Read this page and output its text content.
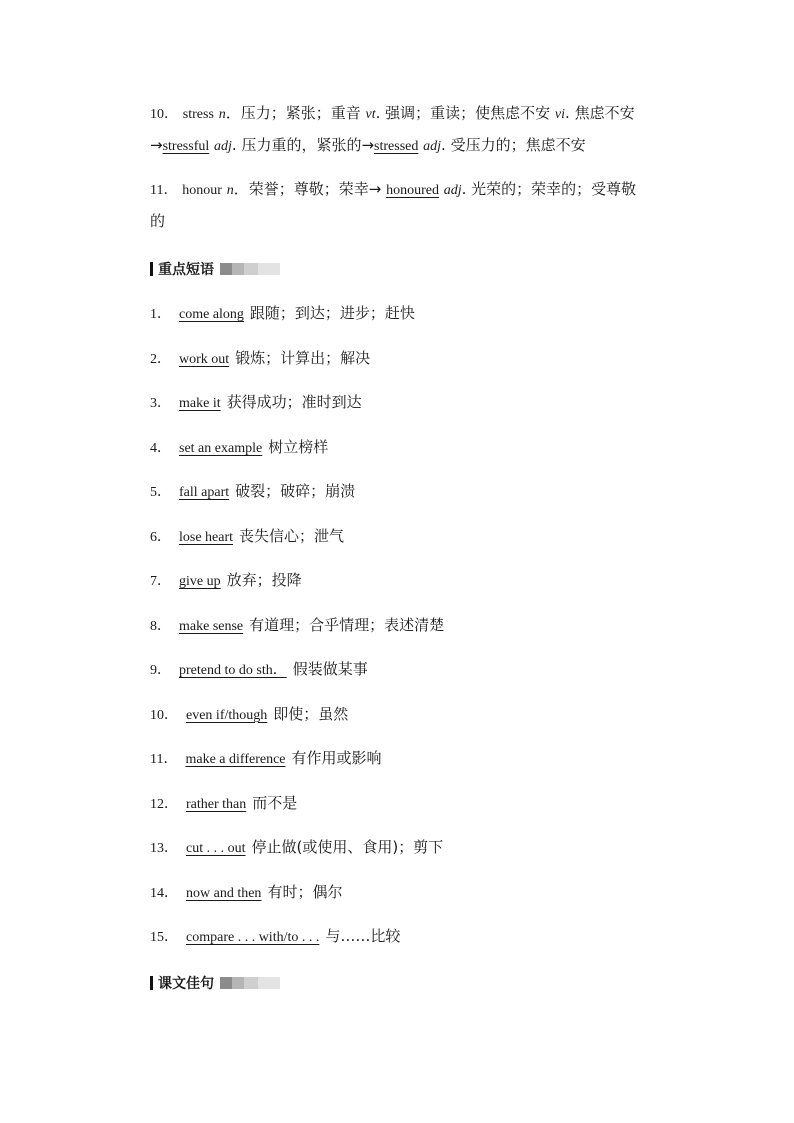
10． stress n．压力；紧张；重音 vt. 强调；重读；使焦虑不安 vi. 焦虑不安→stressful adj. 压力重的，紧张的→stressed adj. 受压力的；焦虑不安

11． honour n．荣誉；尊敬；荣幸→ honoured adj. 光荣的；荣幸的；受尊敬的

重点短语
1． come along 跟随；到达；进步；赶快
2． work out 锻炼；计算出；解决
3． make it 获得成功；准时到达
4． set an example 树立榜样
5． fall apart 破裂；破碎；崩溃
6． lose heart 丧失信心；泄气
7． give up 放弃；投降
8． make sense 有道理；合乎情理；表述清楚
9． pretend to do sth． 假装做某事
10． even if/though 即使；虽然
11． make a difference 有作用或影响
12． rather than 而不是
13． cut . . . out 停止做(或使用、食用)；剪下
14． now and then 有时；偶尔
15． compare . . . with/to . . . 与……比较
课文佳句
